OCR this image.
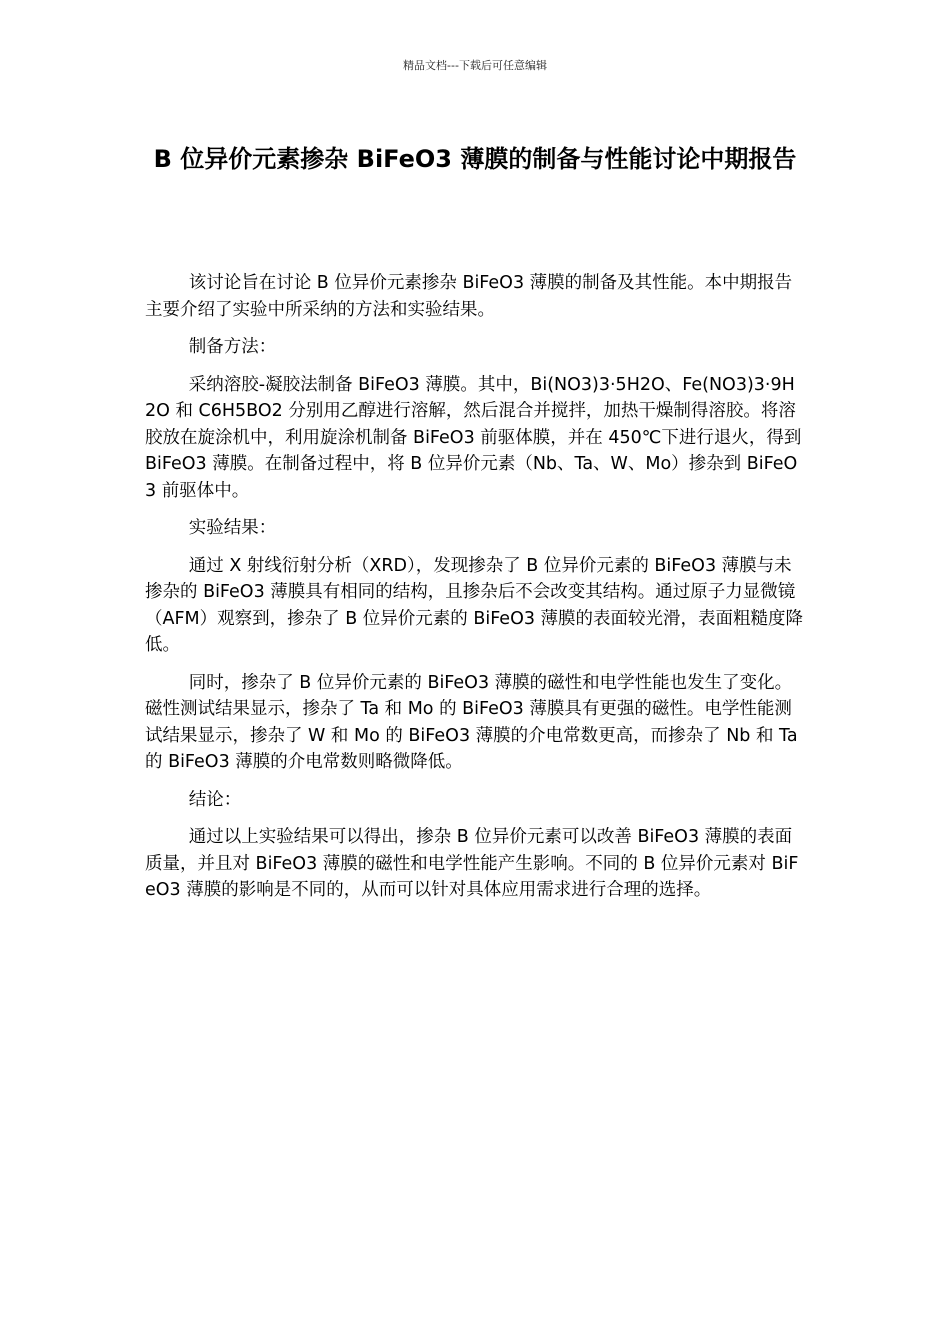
精品文档---下载后可任意编辑
B 位异价元素掺杂 BiFeO3 薄膜的制备与性能讨论中期报告

该讨论旨在讨论 B 位异价元素掺杂 BiFeO3 薄膜的制备及其性能。本中期报告主要介绍了实验中所采纳的方法和实验结果。

制备方法：

采纳溶胶-凝胶法制备 BiFeO3 薄膜。其中，Bi(NO3)3·5H2O、Fe(NO3)3·9H2O 和 C6H5BO2 分别用乙醇进行溶解，然后混合并搅拌，加热干燥制得溶胶。将溶胶放在旋涂机中，利用旋涂机制备 BiFeO3 前驱体膜，并在 450℃下进行退火，得到 BiFeO3 薄膜。在制备过程中，将 B 位异价元素（Nb、Ta、W、Mo）掺杂到 BiFeO3 前驱体中。

实验结果：

通过 X 射线衍射分析（XRD），发现掺杂了 B 位异价元素的 BiFeO3 薄膜与未掺杂的 BiFeO3 薄膜具有相同的结构，且掺杂后不会改变其结构。通过原子力显微镜（AFM）观察到，掺杂了 B 位异价元素的 BiFeO3 薄膜的表面较光滑，表面粗糙度降低。

同时，掺杂了 B 位异价元素的 BiFeO3 薄膜的磁性和电学性能也发生了变化。磁性测试结果显示，掺杂了 Ta 和 Mo 的 BiFeO3 薄膜具有更强的磁性。电学性能测试结果显示，掺杂了 W 和 Mo 的 BiFeO3 薄膜的介电常数更高，而掺杂了 Nb 和 Ta 的 BiFeO3 薄膜的介电常数则略微降低。

结论：

通过以上实验结果可以得出，掺杂 B 位异价元素可以改善 BiFeO3 薄膜的表面质量，并且对 BiFeO3 薄膜的磁性和电学性能产生影响。不同的 B 位异价元素对 BiFeO3 薄膜的影响是不同的，从而可以针对具体应用需求进行合理的选择。
